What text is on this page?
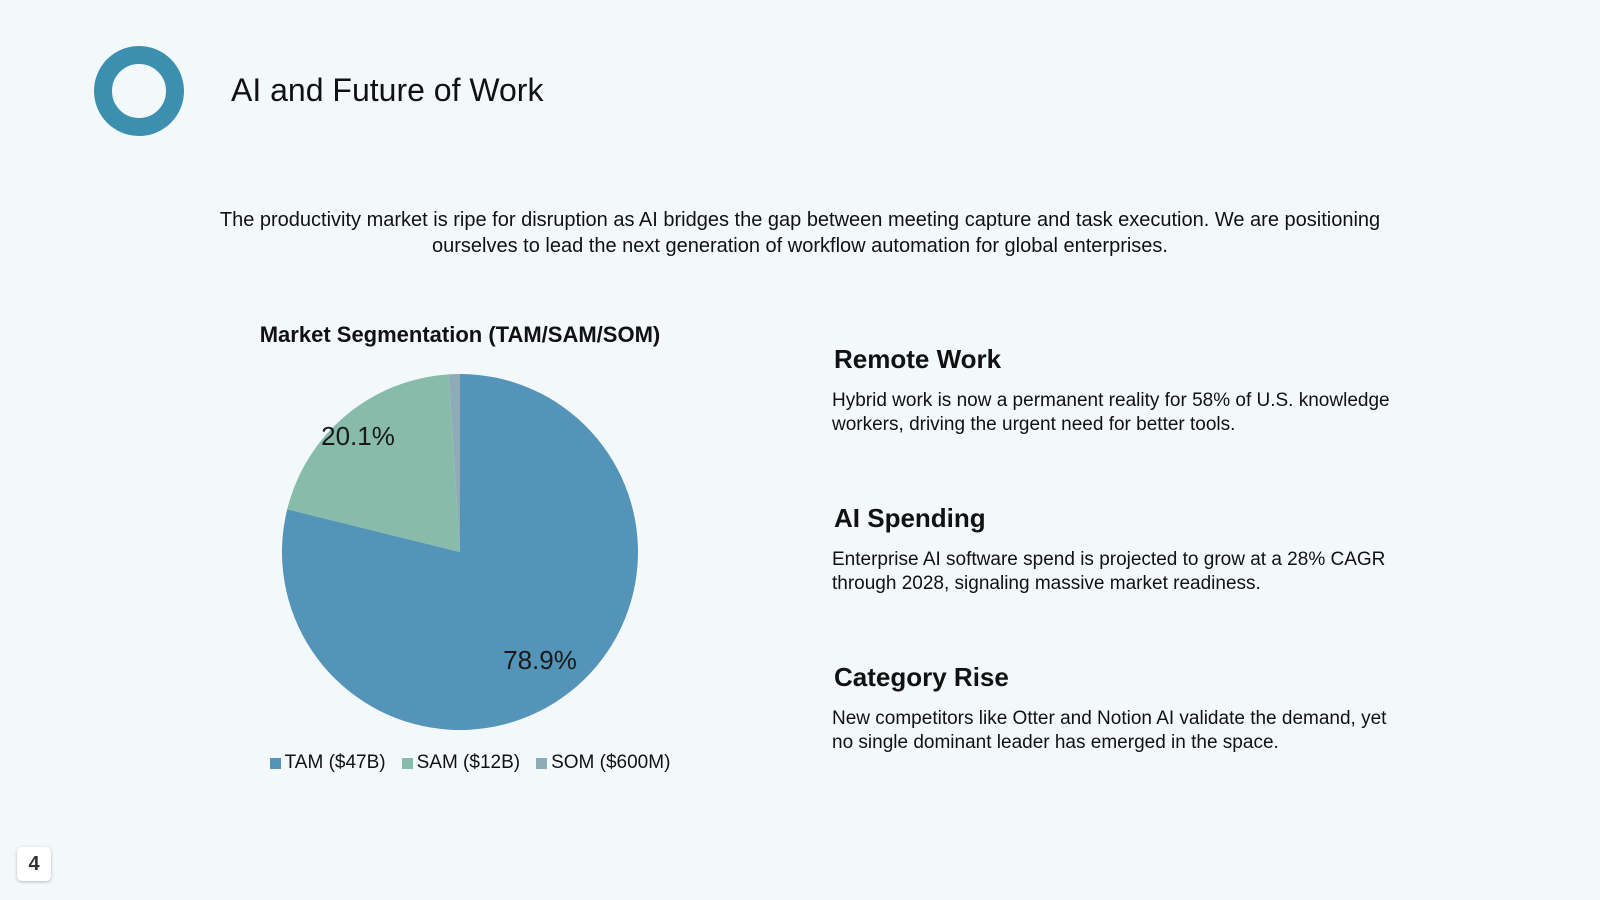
AI and Future of Work
The productivity market is ripe for disruption as AI bridges the gap between meeting capture and task execution. We are positioning ourselves to lead the next generation of workflow automation for global enterprises.
Market Segmentation (TAM/SAM/SOM)
78.9%
20.1%
TAM ($47B) SAM ($12B) SOM ($600M)
Remote Work
Hybrid work is now a permanent reality for 58% of U.S. knowledge workers, driving the urgent need for better tools.
AI Spending
Enterprise AI software spend is projected to grow at a 28% CAGR through 2028, signaling massive market readiness.
Category Rise
New competitors like Otter and Notion AI validate the demand, yet no single dominant leader has emerged in the space.
4
